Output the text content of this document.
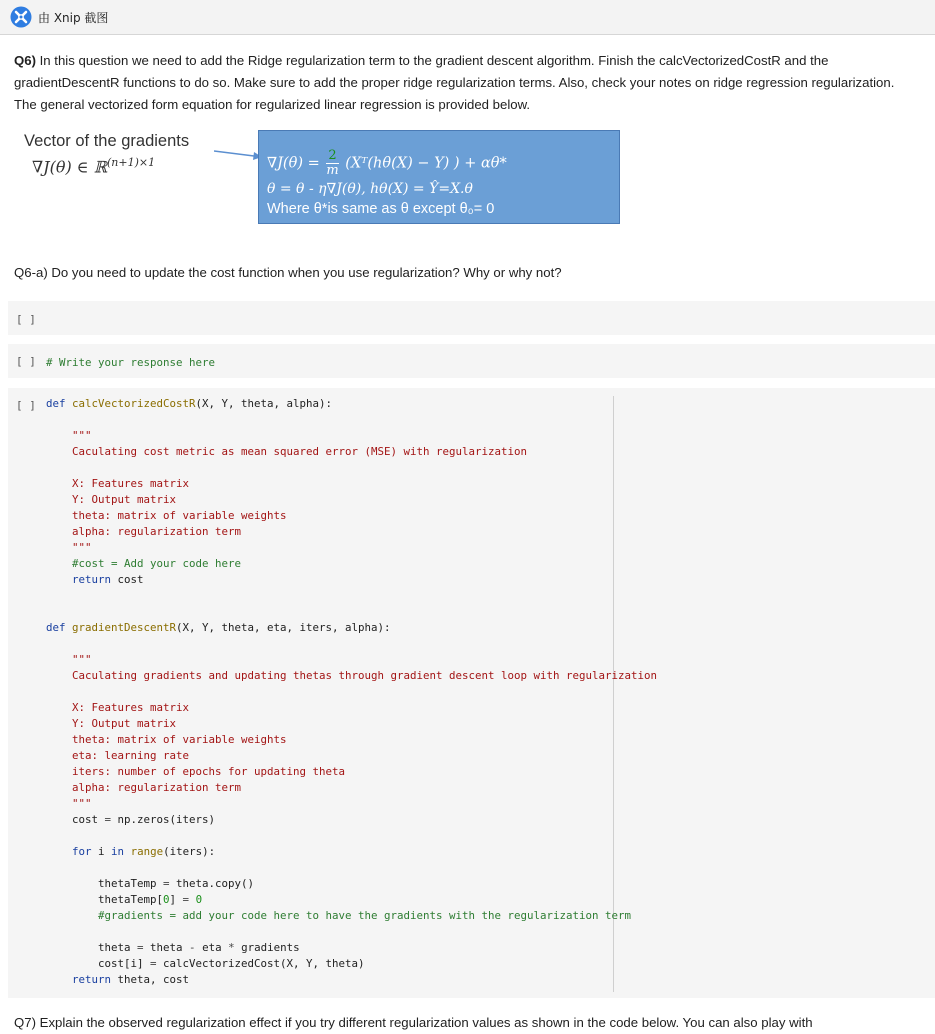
由 Xnip 截图
Q6) In this question we need to add the Ridge regularization term to the gradient descent algorithm. Finish the calcVectorizedCostR and the gradientDescentR functions to do so. Make sure to add the proper ridge regularization terms. Also, check your notes on ridge regression regularization. The general vectorized form equation for regularized linear regression is provided below.
Vector of the gradients
∇J(θ) ∈ ℝ$^{(n+1)\times 1}$	$\nabla J(\theta) = \frac{2}{m}$ (Xᵀ(hθ(X) − Y) ) + αθ*
θ = θ - η∇J(θ), hθ(X) = Ŷ=X.θ
Where θ*is same as θ except θ₀= 0
Q6-a) Do you need to update the cost function when you use regularization? Why or why not?
[ ]
[ ] # Write your response here
[ ] def calcVectorizedCostR(X, Y, theta, alpha):

"""
Caculating cost metric as mean squared error (MSE) with regularization

X: Features matrix
Y: Output matrix
theta: matrix of variable weights
alpha: regularization term
"""
#cost = Add your code here
return cost

def gradientDescentR(X, Y, theta, eta, iters, alpha):

"""
Caculating gradients and updating thetas through gradient descent loop with regularization

X: Features matrix
Y: Output matrix
theta: matrix of variable weights
eta: learning rate
iters: number of epochs for updating theta
alpha: regularization term
"""
cost = np.zeros(iters)

for i in range(iters):

thetaTemp = theta.copy()
thetaTemp[0] = 0
#gradients = add your code here to have the gradients with the regularization term

theta = theta - eta * gradients
cost[i] = calcVectorizedCost(X, Y, theta)
return theta, cost
Q7) Explain the observed regularization effect if you try different regularization values as shown in the code below. You can also play with
